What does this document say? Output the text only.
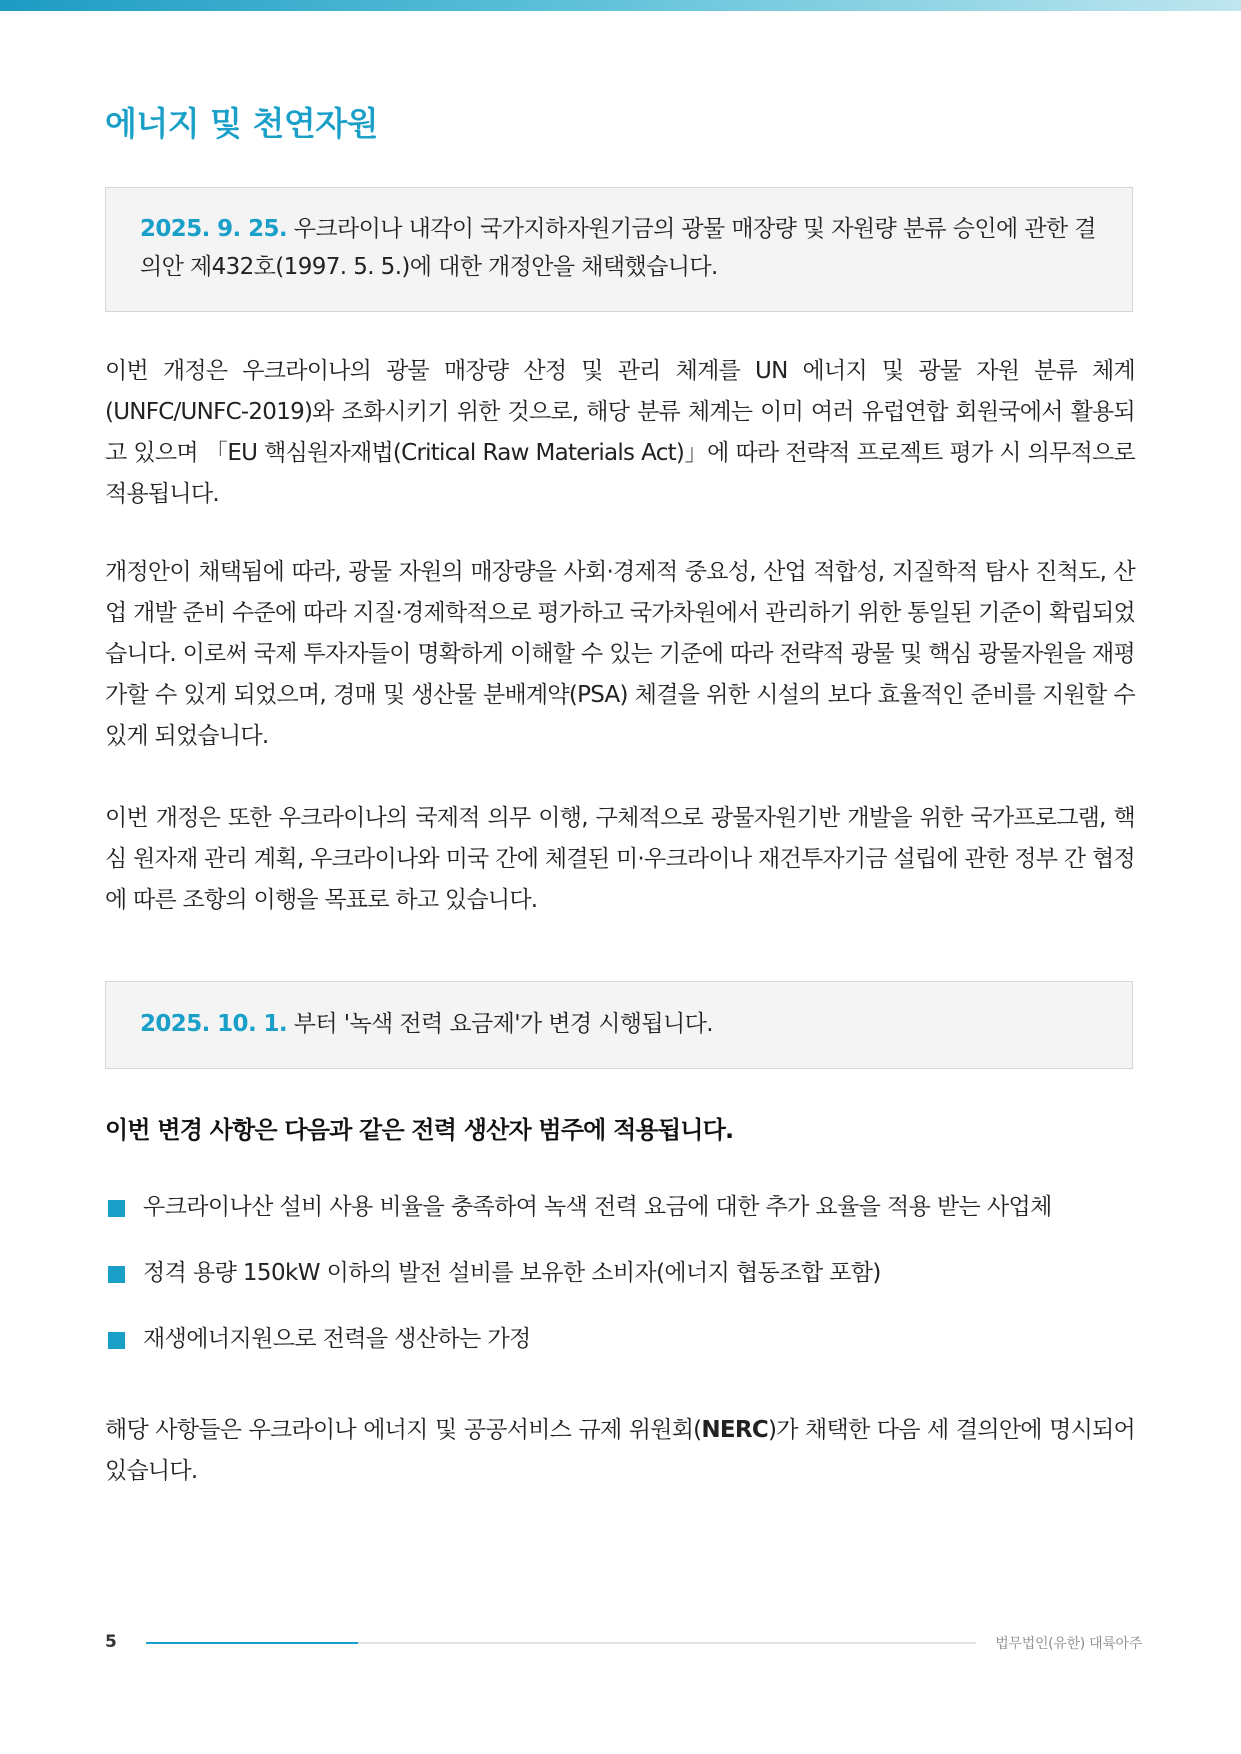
에너지 및 천연자원
2025. 9. 25. 우크라이나 내각이 국가지하자원기금의 광물 매장량 및 자원량 분류 승인에 관한 결의안 제432호(1997. 5. 5.)에 대한 개정안을 채택했습니다.

이번 개정은 우크라이나의 광물 매장량 산정 및 관리 체계를 UN 에너지 및 광물 자원 분류 체계(UNFC/UNFC-2019)와 조화시키기 위한 것으로, 해당 분류 체계는 이미 여러 유럽연합 회원국에서 활용되고 있으며 「EU 핵심원자재법(Critical Raw Materials Act)」에 따라 전략적 프로젝트 평가 시 의무적으로 적용됩니다.

개정안이 채택됨에 따라, 광물 자원의 매장량을 사회·경제적 중요성, 산업 적합성, 지질학적 탐사 진척도, 산업 개발 준비 수준에 따라 지질·경제학적으로 평가하고 국가차원에서 관리하기 위한 통일된 기준이 확립되었습니다. 이로써 국제 투자자들이 명확하게 이해할 수 있는 기준에 따라 전략적 광물 및 핵심 광물자원을 재평가할 수 있게 되었으며, 경매 및 생산물 분배계약(PSA) 체결을 위한 시설의 보다 효율적인 준비를 지원할 수 있게 되었습니다.

이번 개정은 또한 우크라이나의 국제적 의무 이행, 구체적으로 광물자원기반 개발을 위한 국가프로그램, 핵심 원자재 관리 계획, 우크라이나와 미국 간에 체결된 미·우크라이나 재건투자기금 설립에 관한 정부 간 협정에 따른 조항의 이행을 목표로 하고 있습니다.

2025. 10. 1. 부터 '녹색 전력 요금제'가 변경 시행됩니다.

이번 변경 사항은 다음과 같은 전력 생산자 범주에 적용됩니다.

우크라이나산 설비 사용 비율을 충족하여 녹색 전력 요금에 대한 추가 요율을 적용 받는 사업체
정격 용량 150kW 이하의 발전 설비를 보유한 소비자(에너지 협동조합 포함)
재생에너지원으로 전력을 생산하는 가정

해당 사항들은 우크라이나 에너지 및 공공서비스 규제 위원회(NERC)가 채택한 다음 세 결의안에 명시되어 있습니다.

5	법무법인(유한) 대륙아주
